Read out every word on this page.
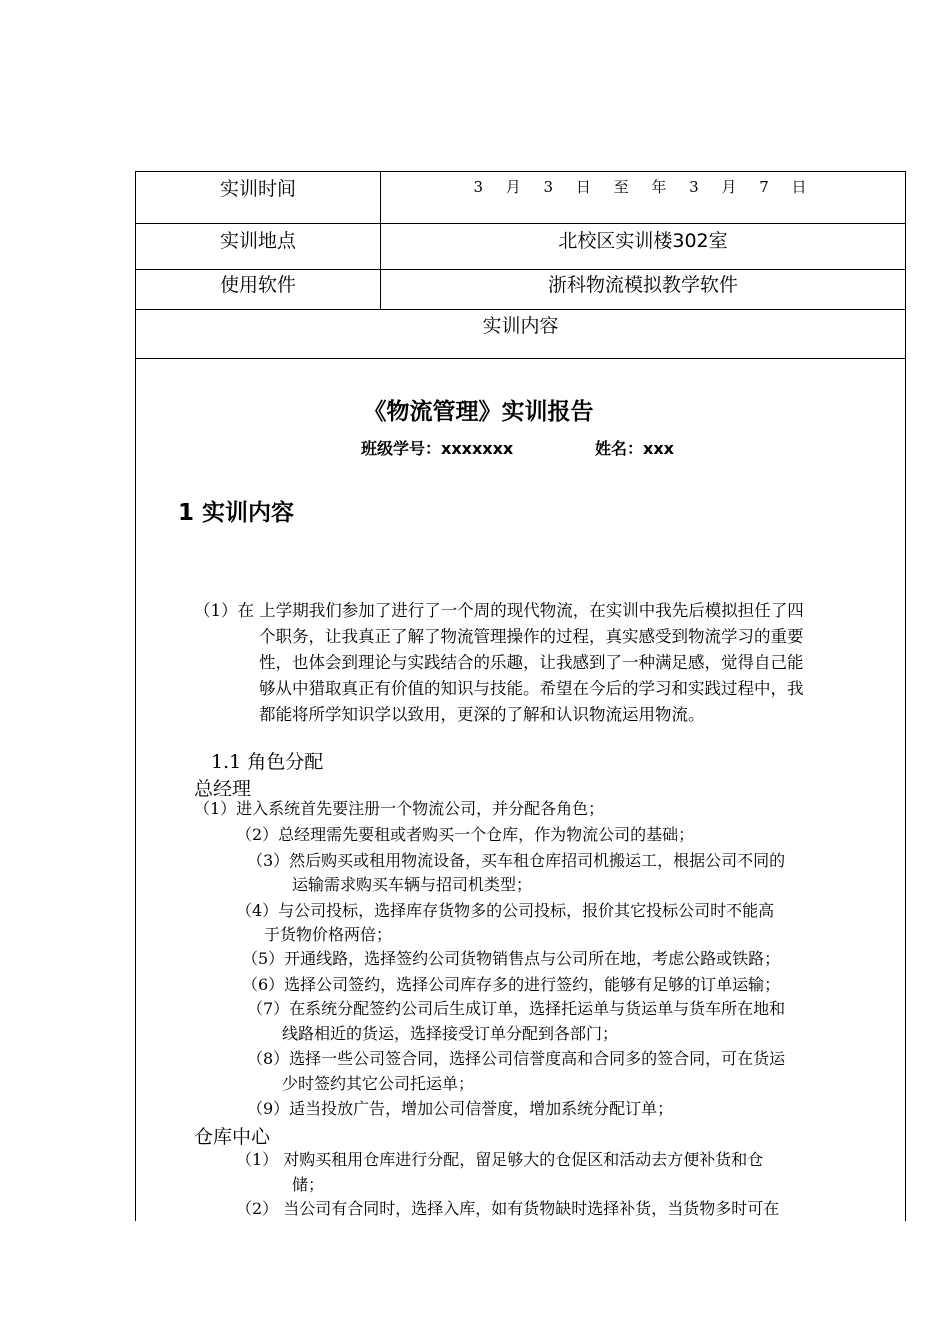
实训时间	3 月 3 日 至 年 3 月 7 日
实训地点	北校区实训楼302室
使用软件	浙科物流模拟教学软件
实训内容
《物流管理》实训报告
班级学号：xxxxxxx	姓名：xxx
1 实训内容
（1）在 上学期我们参加了进行了一个周的现代物流，在实训中我先后模拟担任了四
个职务，让我真正了解了物流管理操作的过程，真实感受到物流学习的重要
性，也体会到理论与实践结合的乐趣，让我感到了一种满足感，觉得自己能
够从中猎取真正有价值的知识与技能。希望在今后的学习和实践过程中，我
都能将所学知识学以致用，更深的了解和认识物流运用物流。
1.1 角色分配
总经理
（1）进入系统首先要注册一个物流公司，并分配各角色；
（2）总经理需先要租或者购买一个仓库，作为物流公司的基础；
（3）然后购买或租用物流设备，买车租仓库招司机搬运工，根据公司不同的
运输需求购买车辆与招司机类型；
（4）与公司投标，选择库存货物多的公司投标，报价其它投标公司时不能高
于货物价格两倍；
（5）开通线路，选择签约公司货物销售点与公司所在地，考虑公路或铁路；
（6）选择公司签约，选择公司库存多的进行签约，能够有足够的订单运输；
（7）在系统分配签约公司后生成订单，选择托运单与货运单与货车所在地和
线路相近的货运，选择接受订单分配到各部门；
（8）选择一些公司签合同，选择公司信誉度高和合同多的签合同，可在货运
少时签约其它公司托运单；
（9）适当投放广告，增加公司信誉度，增加系统分配订单；
仓库中心
（1） 对购买租用仓库进行分配，留足够大的仓促区和活动去方便补货和仓
储；
（2） 当公司有合同时，选择入库，如有货物缺时选择补货，当货物多时可在
